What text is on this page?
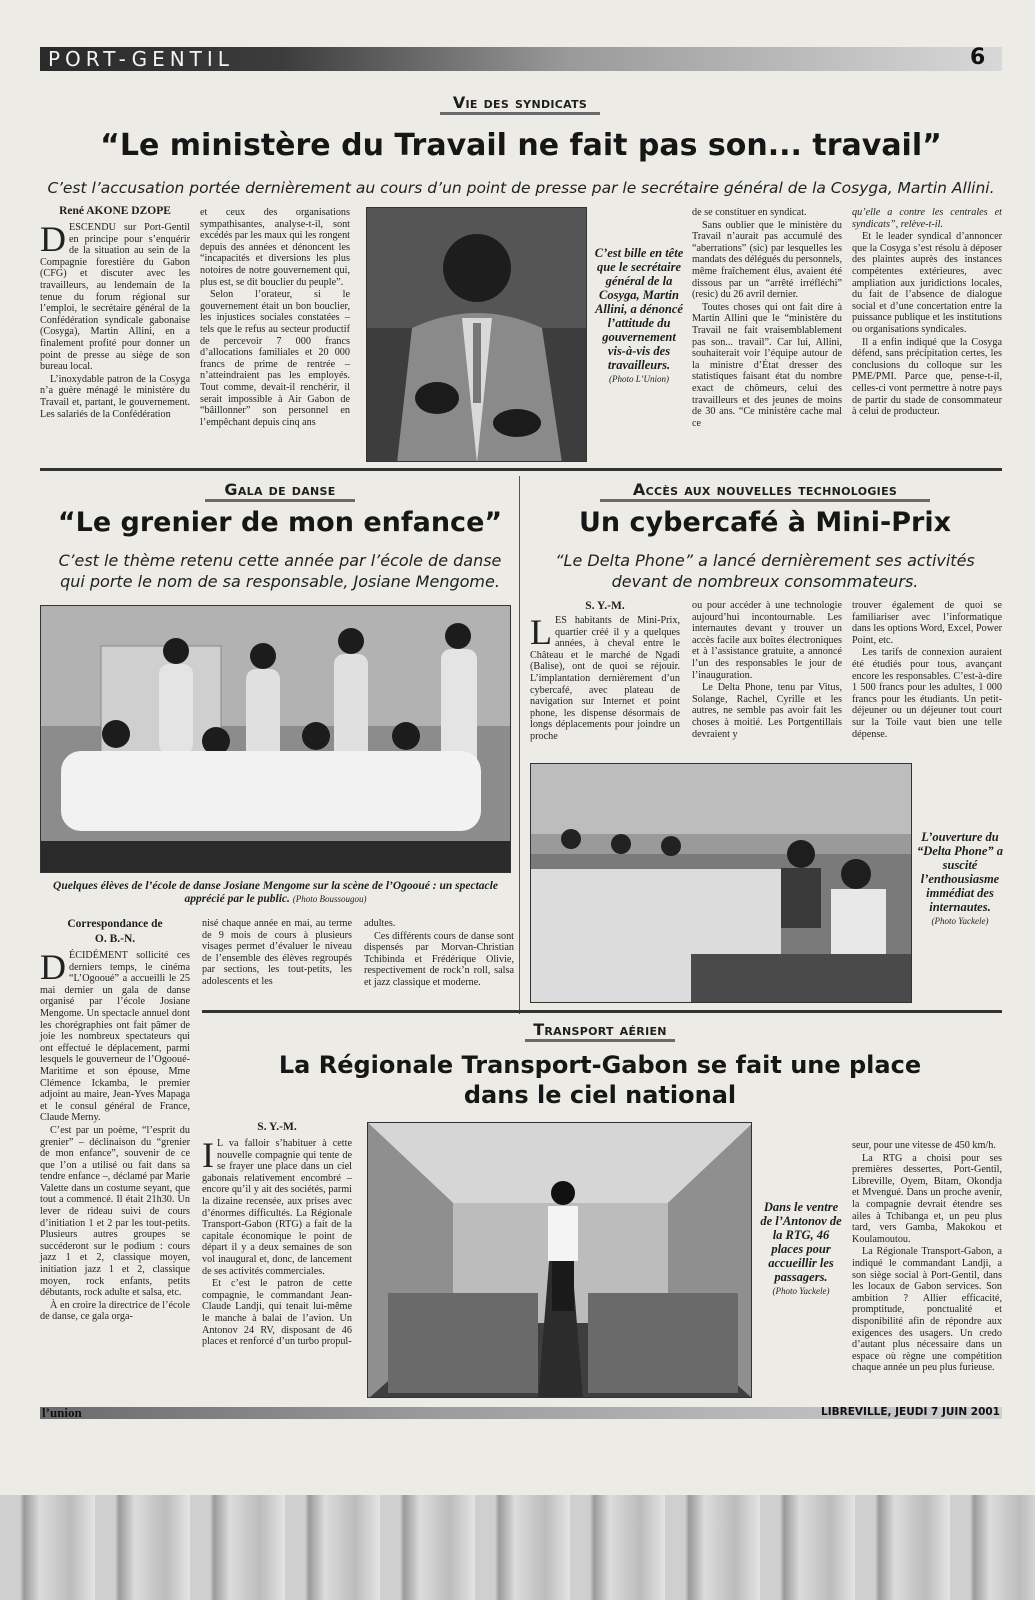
PORT-GENTIL	6
Vie des syndicats
“Le ministère du Travail ne fait pas son... travail”
C’est l’accusation portée dernièrement au cours d’un point de presse par le secrétaire général de la Cosyga, Martin Allini.
René AKONE DZOPE

DESCENDU sur Port-Gentil en principe pour s’enquérir de la situation au sein de la Compagnie forestière du Gabon (CFG) et discuter avec les travailleurs, au lendemain de la tenue du forum régional sur l’emploi, le secrétaire général de la Confédération syndicale gabonaise (Cosyga), Martin Allini, en a finalement profité pour donner un point de presse au siège de son bureau local.

L’inoxydable patron de la Cosyga n’a guère ménagé le ministère du Travail et, partant, le gouvernement. Les salariés de la Confédération

et ceux des organisations sympathisantes, analyse-t-il, sont excédés par les maux qui les rongent depuis des années et dénoncent les “incapacités et diversions les plus notoires de notre gouvernement qui, plus est, se dit bouclier du peuple”.

Selon l’orateur, si le gouvernement était un bon bouclier, les injustices sociales constatées – tels que le refus au secteur productif de percevoir 7 000 francs d’allocations familiales et 20 000 francs de prime de rentrée – n’atteindraient pas les employés. Tout comme, devait-il renchérir, il serait impossible à Air Gabon de “bâillonner” son personnel en l’empêchant depuis cinq ans

C’est bille en tête que le secrétaire général de la Cosyga, Martin Allini, a dénoncé l’attitude du gouvernement vis-à-vis des travailleurs.
(Photo L’Union)

de se constituer en syndicat.

Sans oublier que le ministère du Travail n’aurait pas accumulé des “aberrations” (sic) par lesquelles les mandats des délégués du personnels, même fraîchement élus, avaient été dissous par un “arrêté irréfléchi” (resic) du 26 avril dernier.

Toutes choses qui ont fait dire à Martin Allini que le “ministère du Travail ne fait vraisemblablement pas son... travail”. Car lui, Allini, souhaiterait voir l’équipe autour de la ministre d’État dresser des statistiques faisant état du nombre exact de chômeurs, celui des travailleurs et des jeunes de moins de 30 ans. “Ce ministère cache mal ce

qu’elle a contre les centrales et syndicats”, relève-t-il.

Et le leader syndical d’annoncer que la Cosyga s’est résolu à déposer des plaintes auprès des instances compétentes extérieures, avec ampliation aux juridictions locales, du fait de l’absence de dialogue social et d’une concertation entre la puissance publique et les institutions ou organisations syndicales.

Il a enfin indiqué que la Cosyga défend, sans précipitation certes, les conclusions du colloque sur les PME/PMI. Parce que, pense-t-il, celles-ci vont permettre à notre pays de partir du stade de consommateur à celui de producteur.

Gala de danse
“Le grenier de mon enfance”
C’est le thème retenu cette année par l’école de danse qui porte le nom de sa responsable, Josiane Mengome.
Quelques élèves de l’école de danse Josiane Mengome sur la scène de l’Ogooué : un spectacle apprécié par le public. (Photo Boussougou)
Correspondance de
O. B.-N.

DÉCIDÉMENT sollicité ces derniers temps, le cinéma “L’Ogooué” a accueilli le 25 mai dernier un gala de danse organisé par l’école Josiane Mengome. Un spectacle annuel dont les chorégraphies ont fait pâmer de joie les nombreux spectateurs qui ont effectué le déplacement, parmi lesquels le gouverneur de l’Ogooué-Maritime et son épouse, Mme Clémence Ickamba, le premier adjoint au maire, Jean-Yves Mapaga et le consul général de France, Claude Merny.

C’est par un poème, “l’esprit du grenier” – déclinaison du “grenier de mon enfance”, souvenir de ce que l’on a utilisé ou fait dans sa tendre enfance –, déclamé par Marie Valette dans un costume seyant, que tout a commencé. Il était 21h30. Un lever de rideau suivi de cours d’initiation 1 et 2 par les tout-petits. Plusieurs autres groupes se succéderont sur le podium : cours jazz 1 et 2, classique moyen, initiation jazz 1 et 2, classique moyen, rock enfants, petits débutants, rock adulte et salsa, etc.

À en croire la directrice de l’école de danse, ce gala orga-

nisé chaque année en mai, au terme de 9 mois de cours à plusieurs visages permet d’évaluer le niveau de l’ensemble des élèves regroupés par sections, les tout-petits, les adolescents et les

adultes.

Ces différents cours de danse sont dispensés par Morvan-Christian Tchibinda et Frédérique Olivie, respectivement de rock’n roll, salsa et jazz classique et moderne.

Accès aux nouvelles technologies
Un cybercafé à Mini-Prix
“Le Delta Phone” a lancé dernièrement ses activités devant de nombreux consommateurs.
S. Y.-M.

LES habitants de Mini-Prix, quartier créé il y a quelques années, à cheval entre le Château et le marché de Ngadi (Balise), ont de quoi se réjouir. L’implantation dernièrement d’un cybercafé, avec plateau de navigation sur Internet et point phone, les dispense désormais de longs déplacements pour joindre un proche

ou pour accéder à une technologie aujourd’hui incontournable. Les internautes devant y trouver un accès facile aux boîtes électroniques et à l’assistance gratuite, a annoncé l’un des responsables le jour de l’inauguration.

Le Delta Phone, tenu par Vitus, Solange, Rachel, Cyrille et les autres, ne semble pas avoir fait les choses à moitié. Les Portgentillais devraient y

trouver également de quoi se familiariser avec l’informatique dans les options Word, Excel, Power Point, etc.

Les tarifs de connexion auraient été étudiés pour tous, avançant encore les responsables. C’est-à-dire 1 500 francs pour les adultes, 1 000 francs pour les étudiants. Un petit-déjeuner ou un déjeuner tout court sur la Toile vaut bien une telle dépense.

L’ouverture du “Delta Phone” a suscité l’enthousiasme immédiat des internautes.
(Photo Yackele)
Transport aérien
La Régionale Transport-Gabon se fait une place dans le ciel national
S. Y.-M.

IL va falloir s’habituer à cette nouvelle compagnie qui tente de se frayer une place dans un ciel gabonais relativement encombré – encore qu’il y ait des sociétés, parmi la dizaine recensée, aux prises avec d’énormes difficultés. La Régionale Transport-Gabon (RTG) a fait de la capitale économique le point de départ il y a deux semaines de son vol inaugural et, donc, de lancement de ses activités commerciales.

Et c’est le patron de cette compagnie, le commandant Jean-Claude Landji, qui tenait lui-même le manche à balai de l’avion. Un Antonov 24 RV, disposant de 46 places et renforcé d’un turbo propul-

Dans le ventre de l’Antonov de la RTG, 46 places pour accueillir les passagers.
(Photo Yackele)

seur, pour une vitesse de 450 km/h.

La RTG a choisi pour ses premières dessertes, Port-Gentil, Libreville, Oyem, Bitam, Okondja et Mvengué. Dans un proche avenir, la compagnie devrait étendre ses ailes à Tchibanga et, un peu plus tard, vers Gamba, Makokou et Koulamoutou.

La Régionale Transport-Gabon, a indiqué le commandant Landji, a son siège social à Port-Gentil, dans les locaux de Gabon services. Son ambition ? Allier efficacité, promptitude, ponctualité et disponibilité afin de répondre aux exigences des usagers. Un credo d’autant plus nécessaire dans un espace où règne une compétition chaque année un peu plus furieuse.

l’union	LIBREVILLE, JEUDI 7 JUIN 2001
